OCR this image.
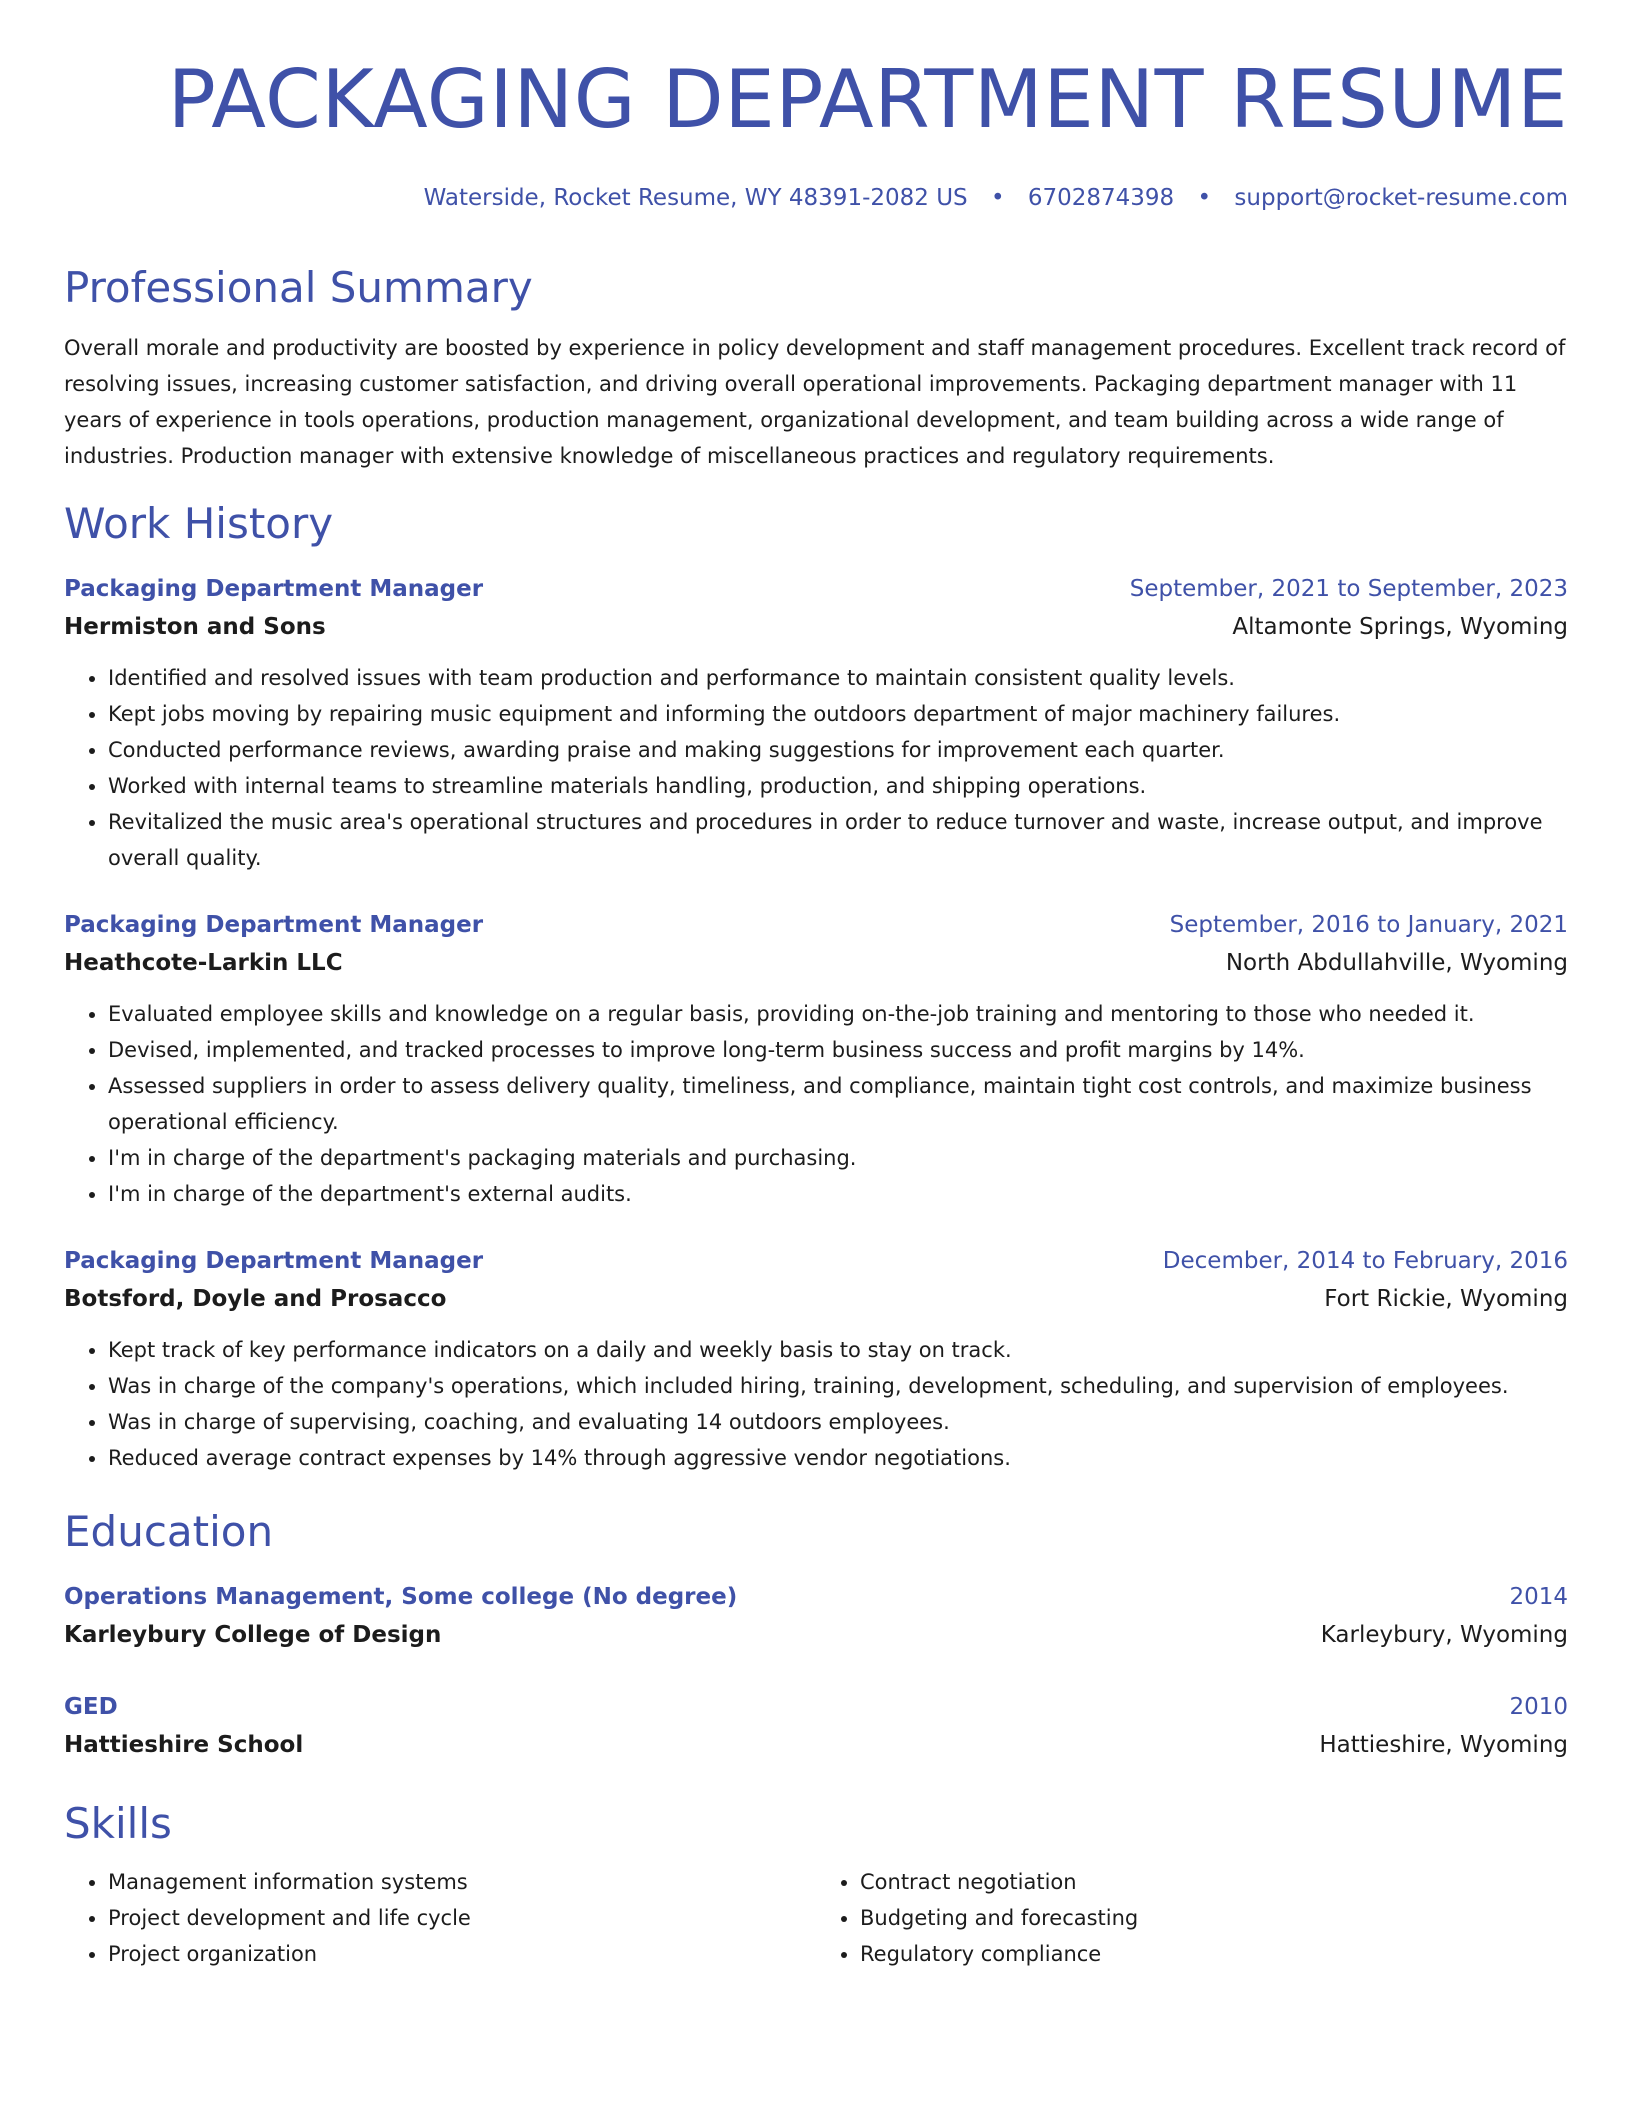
PACKAGING DEPARTMENT RESUME
Waterside, Rocket Resume, WY 48391-2082 US • 6702874398 • support@rocket-resume.com
Professional Summary
Overall morale and productivity are boosted by experience in policy development and staff management procedures. Excellent track record of resolving issues, increasing customer satisfaction, and driving overall operational improvements. Packaging department manager with 11 years of experience in tools operations, production management, organizational development, and team building across a wide range of industries. Production manager with extensive knowledge of miscellaneous practices and regulatory requirements.
Work History
Packaging Department Manager	September, 2021 to September, 2023
Hermiston and Sons	Altamonte Springs, Wyoming
• Identified and resolved issues with team production and performance to maintain consistent quality levels.
• Kept jobs moving by repairing music equipment and informing the outdoors department of major machinery failures.
• Conducted performance reviews, awarding praise and making suggestions for improvement each quarter.
• Worked with internal teams to streamline materials handling, production, and shipping operations.
• Revitalized the music area's operational structures and procedures in order to reduce turnover and waste, increase output, and improve overall quality.
Packaging Department Manager	September, 2016 to January, 2021
Heathcote-Larkin LLC	North Abdullahville, Wyoming
• Evaluated employee skills and knowledge on a regular basis, providing on-the-job training and mentoring to those who needed it.
• Devised, implemented, and tracked processes to improve long-term business success and profit margins by 14%.
• Assessed suppliers in order to assess delivery quality, timeliness, and compliance, maintain tight cost controls, and maximize business operational efficiency.
• I'm in charge of the department's packaging materials and purchasing.
• I'm in charge of the department's external audits.
Packaging Department Manager	December, 2014 to February, 2016
Botsford, Doyle and Prosacco	Fort Rickie, Wyoming
• Kept track of key performance indicators on a daily and weekly basis to stay on track.
• Was in charge of the company's operations, which included hiring, training, development, scheduling, and supervision of employees.
• Was in charge of supervising, coaching, and evaluating 14 outdoors employees.
• Reduced average contract expenses by 14% through aggressive vendor negotiations.
Education
Operations Management, Some college (No degree)	2014
Karleybury College of Design	Karleybury, Wyoming
GED	2010
Hattieshire School	Hattieshire, Wyoming
Skills
• Management information systems
• Project development and life cycle
• Project organization
• Contract negotiation
• Budgeting and forecasting
• Regulatory compliance
